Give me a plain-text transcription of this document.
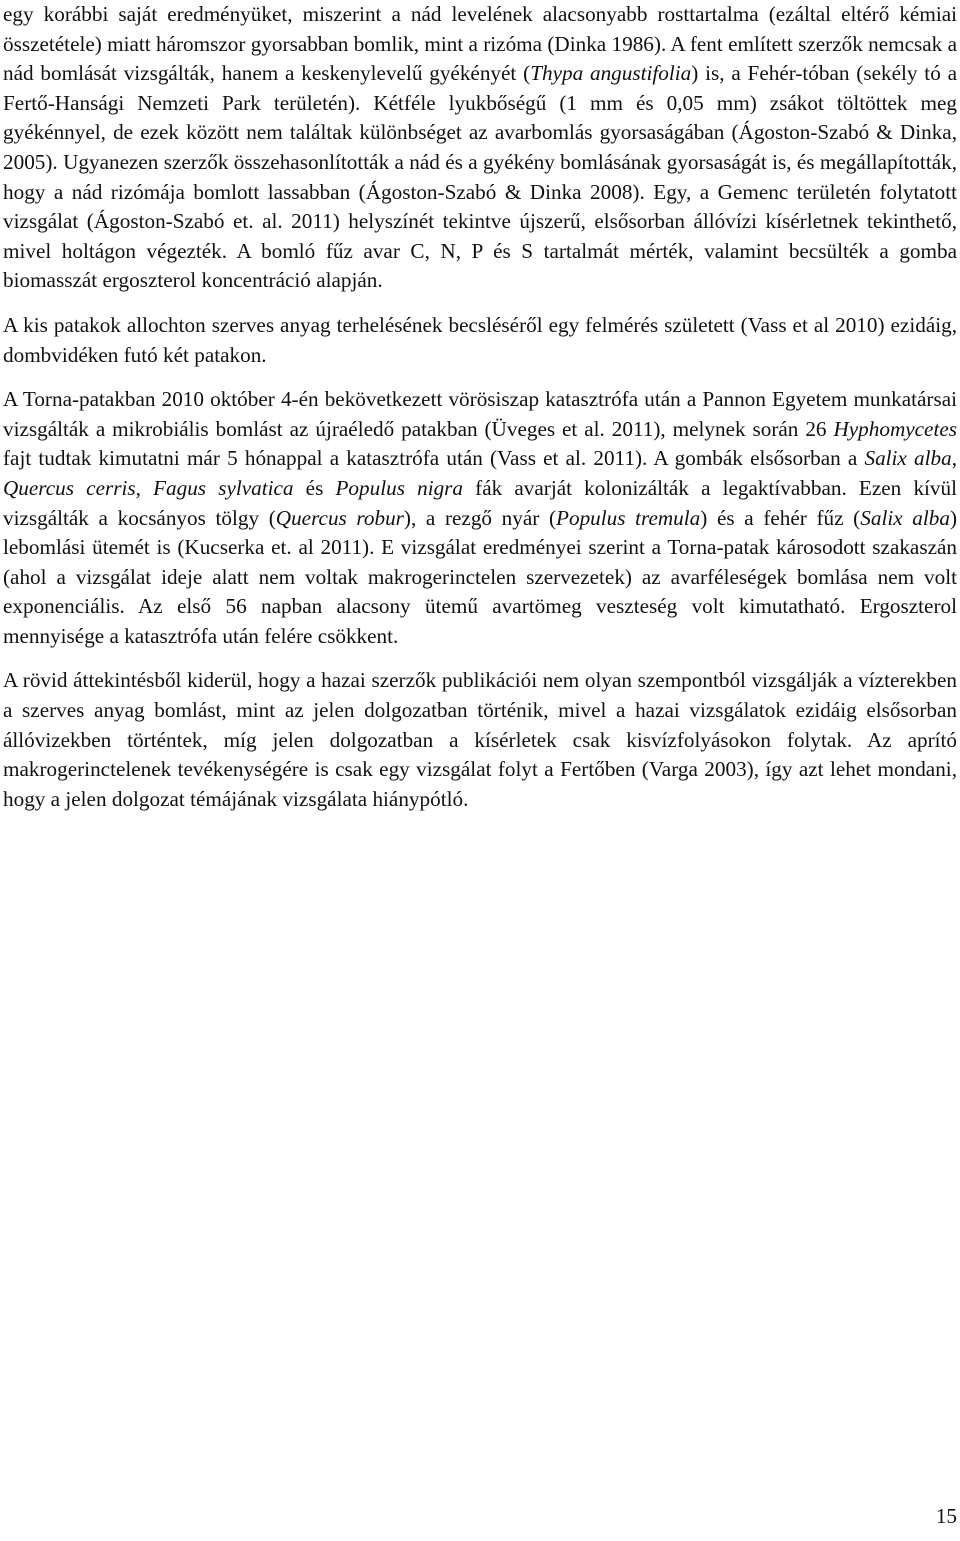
egy korábbi saját eredményüket, miszerint a nád levelének alacsonyabb rosttartalma (ezáltal eltérő kémiai összetétele) miatt háromszor gyorsabban bomlik, mint a rizóma (Dinka 1986). A fent említett szerzők nemcsak a nád bomlását vizsgálták, hanem a keskenylevelű gyékényét (Thypa angustifolia) is, a Fehér-tóban (sekély tó a Fertő-Hansági Nemzeti Park területén). Kétféle lyukbőségű (1 mm és 0,05 mm) zsákot töltöttek meg gyékénnyel, de ezek között nem találtak különbséget az avarbomlás gyorsaságában (Ágoston-Szabó & Dinka, 2005). Ugyanezen szerzők összehasonlították a nád és a gyékény bomlásának gyorsaságát is, és megállapították, hogy a nád rizómája bomlott lassabban (Ágoston-Szabó & Dinka 2008). Egy, a Gemenc területén folytatott vizsgálat (Ágoston-Szabó et. al. 2011) helyszínét tekintve újszerű, elsősorban állóvízi kísérletnek tekinthető, mivel holtágon végezték. A bomló fűz avar C, N, P és S tartalmát mérték, valamint becsülték a gomba biomasszát ergoszterol koncentráció alapján.

A kis patakok allochton szerves anyag terhelésének becsléséről egy felmérés született (Vass et al 2010) ezidáig, dombvidéken futó két patakon.

A Torna-patakban 2010 október 4-én bekövetkezett vörösiszap katasztrófa után a Pannon Egyetem munkatársai vizsgálták a mikrobiális bomlást az újraéledő patakban (Üveges et al. 2011), melynek során 26 Hyphomycetes fajt tudtak kimutatni már 5 hónappal a katasztrófa után (Vass et al. 2011). A gombák elsősorban a Salix alba, Quercus cerris, Fagus sylvatica és Populus nigra fák avarját kolonizálták a legaktívabban. Ezen kívül vizsgálták a kocsányos tölgy (Quercus robur), a rezgő nyár (Populus tremula) és a fehér fűz (Salix alba) lebomlási ütemét is (Kucserka et. al 2011). E vizsgálat eredményei szerint a Torna-patak károsodott szakaszán (ahol a vizsgálat ideje alatt nem voltak makrogerinctelen szervezetek) az avarféleségek bomlása nem volt exponenciális. Az első 56 napban alacsony ütemű avartömeg veszteség volt kimutatható. Ergoszterol mennyisége a katasztrófa után felére csökkent.

A rövid áttekintésből kiderül, hogy a hazai szerzők publikációi nem olyan szempontból vizsgálják a vízterekben a szerves anyag bomlást, mint az jelen dolgozatban történik, mivel a hazai vizsgálatok ezidáig elsősorban állóvizekben történtek, míg jelen dolgozatban a kísérletek csak kisvízfolyásokon folytak. Az aprító makrogerinctelenek tevékenységére is csak egy vizsgálat folyt a Fertőben (Varga 2003), így azt lehet mondani, hogy a jelen dolgozat témájának vizsgálata hiánypótló.

15
